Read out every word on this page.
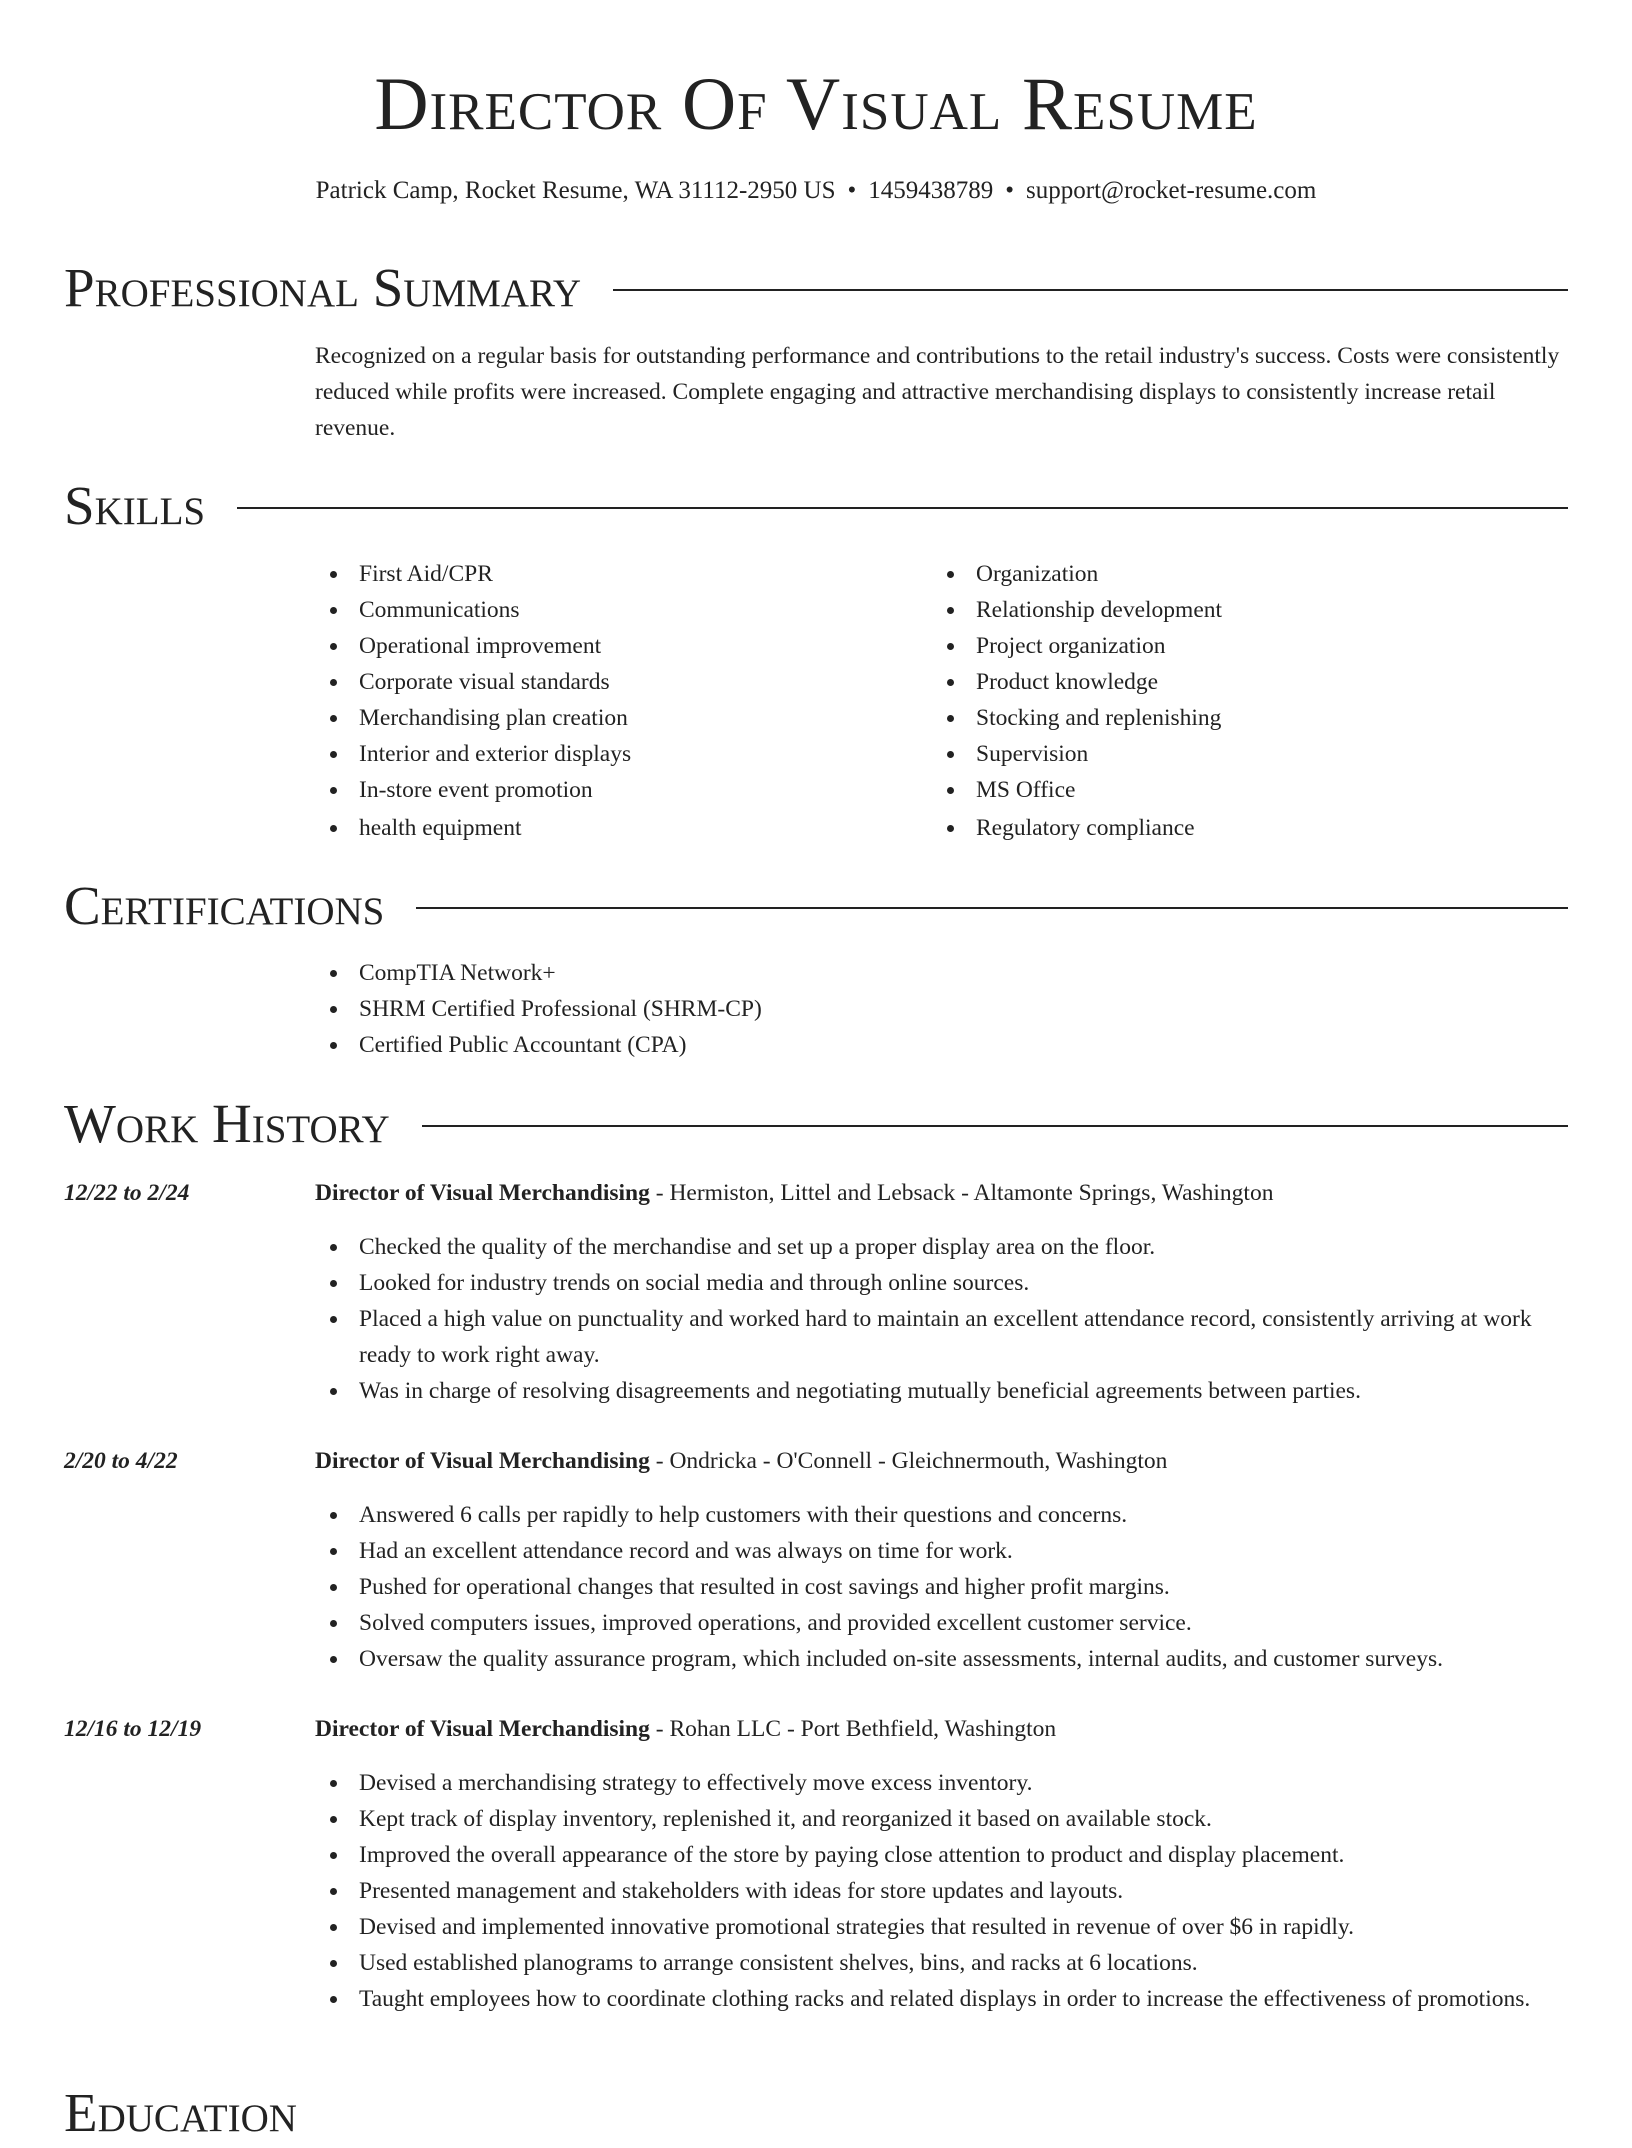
Director Of Visual Resume
Patrick Camp, Rocket Resume, WA 31112-2950 US • 1459438789 • support@rocket-resume.com
Professional Summary
Recognized on a regular basis for outstanding performance and contributions to the retail industry's success. Costs were consistently reduced while profits were increased. Complete engaging and attractive merchandising displays to consistently increase retail revenue.
Skills
First Aid/CPR
Communications
Operational improvement
Corporate visual standards
Merchandising plan creation
Interior and exterior displays
In-store event promotion
health equipment
Organization
Relationship development
Project organization
Product knowledge
Stocking and replenishing
Supervision
MS Office
Regulatory compliance
Certifications
CompTIA Network+
SHRM Certified Professional (SHRM-CP)
Certified Public Accountant (CPA)
Work History
12/22 to 2/24	Director of Visual Merchandising - Hermiston, Littel and Lebsack - Altamonte Springs, Washington
Checked the quality of the merchandise and set up a proper display area on the floor.
Looked for industry trends on social media and through online sources.
Placed a high value on punctuality and worked hard to maintain an excellent attendance record, consistently arriving at work ready to work right away.
Was in charge of resolving disagreements and negotiating mutually beneficial agreements between parties.
2/20 to 4/22	Director of Visual Merchandising - Ondricka - O'Connell - Gleichnermouth, Washington
Answered 6 calls per rapidly to help customers with their questions and concerns.
Had an excellent attendance record and was always on time for work.
Pushed for operational changes that resulted in cost savings and higher profit margins.
Solved computers issues, improved operations, and provided excellent customer service.
Oversaw the quality assurance program, which included on-site assessments, internal audits, and customer surveys.
12/16 to 12/19	Director of Visual Merchandising - Rohan LLC - Port Bethfield, Washington
Devised a merchandising strategy to effectively move excess inventory.
Kept track of display inventory, replenished it, and reorganized it based on available stock.
Improved the overall appearance of the store by paying close attention to product and display placement.
Presented management and stakeholders with ideas for store updates and layouts.
Devised and implemented innovative promotional strategies that resulted in revenue of over $6 in rapidly.
Used established planograms to arrange consistent shelves, bins, and racks at 6 locations.
Taught employees how to coordinate clothing racks and related displays in order to increase the effectiveness of promotions.
Education
